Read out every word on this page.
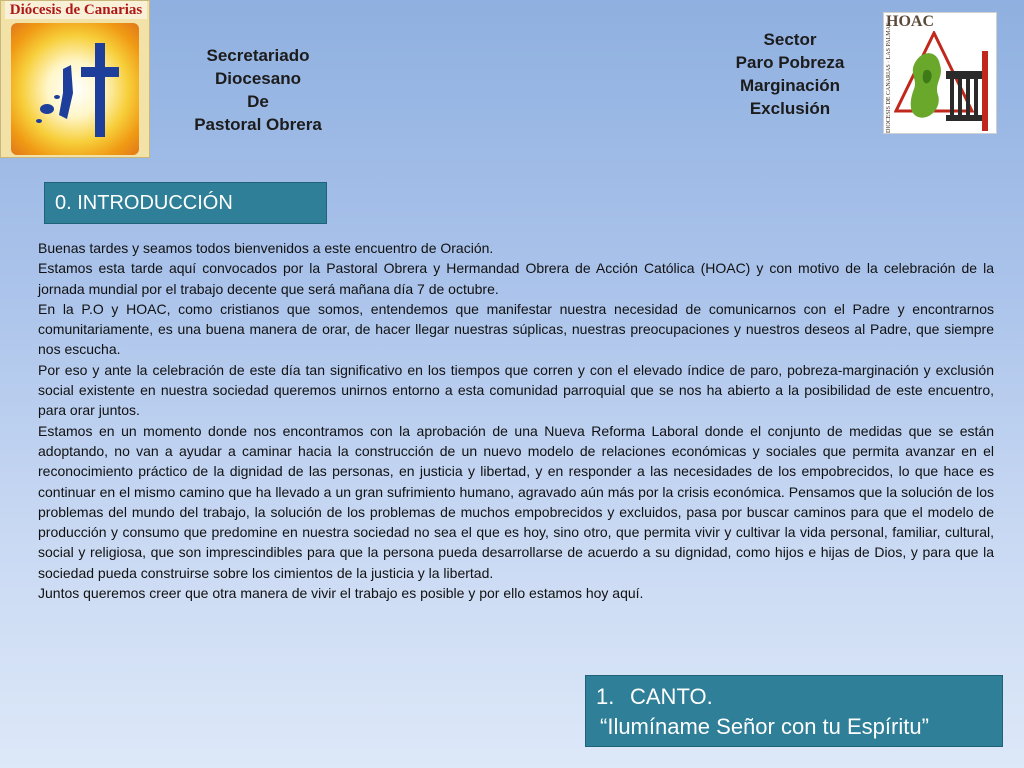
Diócesis de Canarias
Secretariado
Diocesano
De
Pastoral Obrera
Sector
Paro Pobreza
Marginación
Exclusión
HOAC
DIOCESIS DE CANARIAS · LAS PALMAS
0. INTRODUCCIÓN

Buenas tardes y seamos todos bienvenidos a este encuentro de Oración.

Estamos esta tarde aquí convocados por la Pastoral Obrera y Hermandad Obrera de Acción Católica (HOAC) y con motivo de la celebración de la jornada mundial por el trabajo decente que será mañana día 7 de octubre.

En la P.O y HOAC, como cristianos que somos, entendemos que manifestar nuestra necesidad de comunicarnos con el Padre y encontrarnos comunitariamente, es una buena manera de orar, de hacer llegar nuestras súplicas, nuestras preocupaciones y nuestros deseos al Padre, que siempre nos escucha.

Por eso y ante la celebración de este día tan significativo en los tiempos que corren y con el elevado índice de paro, pobreza-marginación y exclusión social existente en nuestra sociedad queremos unirnos entorno a esta comunidad parroquial que se nos ha abierto a la posibilidad de este encuentro, para orar juntos.

Estamos en un momento donde nos encontramos con la aprobación de una Nueva Reforma Laboral donde el conjunto de medidas que se están adoptando, no van a ayudar a caminar hacia la construcción de un nuevo modelo de relaciones económicas y sociales que permita avanzar en el reconocimiento práctico de la dignidad de las personas, en justicia y libertad, y en responder a las necesidades de los empobrecidos, lo que hace es continuar en el mismo camino que ha llevado a un gran sufrimiento humano, agravado aún más por la crisis económica. Pensamos que la solución de los problemas del mundo del trabajo, la solución de los problemas de muchos empobrecidos y excluidos, pasa por buscar caminos para que el modelo de producción y consumo que predomine en nuestra sociedad no sea el que es hoy, sino otro, que permita vivir y cultivar la vida personal, familiar, cultural, social y religiosa, que son imprescindibles para que la persona pueda desarrollarse de acuerdo a su dignidad, como hijos e hijas de Dios, y para que la sociedad pueda construirse sobre los cimientos de la justicia y la libertad.

Juntos queremos creer que otra manera de vivir el trabajo es posible y por ello estamos hoy aquí.

1. CANTO.
“Ilumíname Señor con tu Espíritu”
